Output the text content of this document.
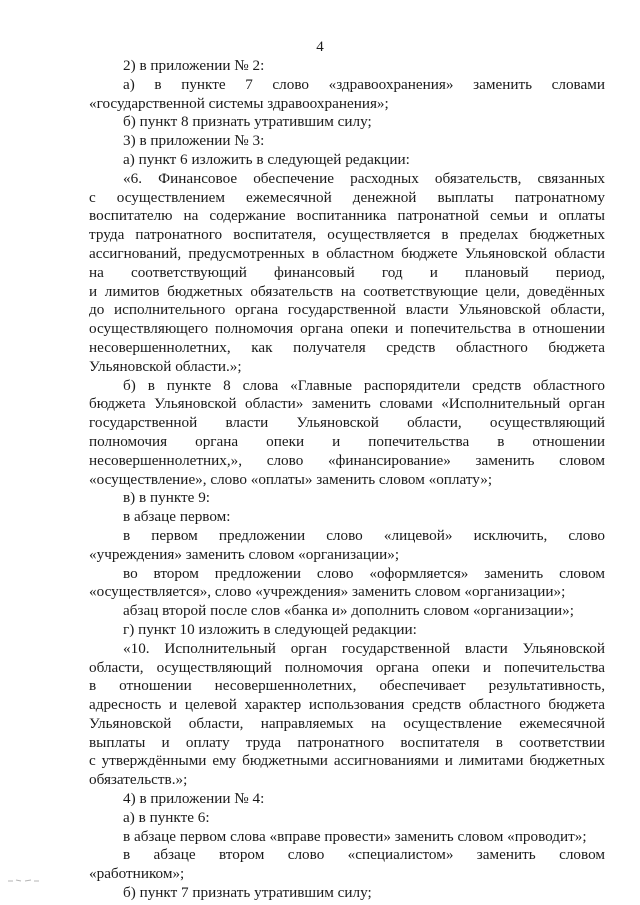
4
2) в приложении № 2:
а) в пункте 7 слово «здравоохранения» заменить словами
«государственной системы здравоохранения»;
б) пункт 8 признать утратившим силу;
3) в приложении № 3:
а) пункт 6 изложить в следующей редакции:
«6. Финансовое обеспечение расходных обязательств, связанных
с осуществлением ежемесячной денежной выплаты патронатному
воспитателю на содержание воспитанника патронатной семьи и оплаты
труда патронатного воспитателя, осуществляется в пределах бюджетных
ассигнований, предусмотренных в областном бюджете Ульяновской области
на соответствующий финансовый год и плановый период,
и лимитов бюджетных обязательств на соответствующие цели, доведённых
до исполнительного органа государственной власти Ульяновской области,
осуществляющего полномочия органа опеки и попечительства в отношении
несовершеннолетних, как получателя средств областного бюджета
Ульяновской области.»;
б) в пункте 8 слова «Главные распорядители средств областного
бюджета Ульяновской области» заменить словами «Исполнительный орган
государственной власти Ульяновской области, осуществляющий
полномочия органа опеки и попечительства в отношении
несовершеннолетних,», слово «финансирование» заменить словом
«осуществление», слово «оплаты» заменить словом «оплату»;
в) в пункте 9:
в абзаце первом:
в первом предложении слово «лицевой» исключить, слово
«учреждения» заменить словом «организации»;
во втором предложении слово «оформляется» заменить словом
«осуществляется», слово «учреждения» заменить словом «организации»;
абзац второй после слов «банка и» дополнить словом «организации»;
г) пункт 10 изложить в следующей редакции:
«10. Исполнительный орган государственной власти Ульяновской
области, осуществляющий полномочия органа опеки и попечительства
в отношении несовершеннолетних, обеспечивает результативность,
адресность и целевой характер использования средств областного бюджета
Ульяновской области, направляемых на осуществление ежемесячной
выплаты и оплату труда патронатного воспитателя в соответствии
с утверждёнными ему бюджетными ассигнованиями и лимитами бюджетных
обязательств.»;
4) в приложении № 4:
а) в пункте 6:
в абзаце первом слова «вправе провести» заменить словом «проводит»;
в абзаце втором слово «специалистом» заменить словом
«работником»;
б) пункт 7 признать утратившим силу;
